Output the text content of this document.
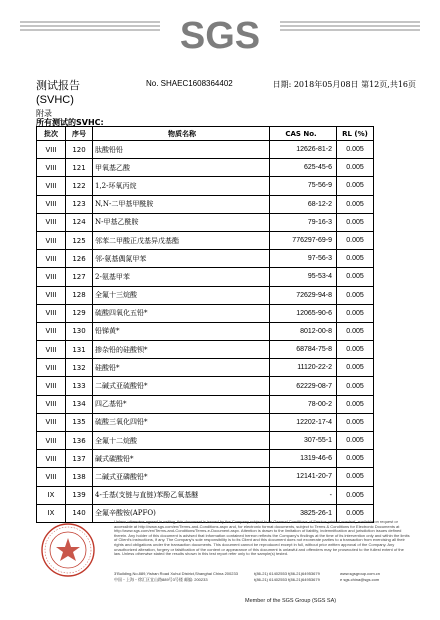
SGS
测试报告	No. SHAEC1608364402	日期: 2018年05月08日 第12页,共16页
(SVHC)
附录
所有测试的SVHC:
批次	序号	物质名称	CAS No.	RL (%)
VIII	120	肽酸铅铅	12626-81-2	0.005
VIII	121	甲氧基乙酸	625-45-6	0.005
VIII	122	1,2-环氧丙烷	75-56-9	0.005
VIII	123	N,N-二甲基甲酰胺	68-12-2	0.005
VIII	124	N-甲基乙酰胺	79-16-3	0.005
VIII	125	邻苯二甲酸正戊基异戊基酯	776297-69-9	0.005
VIII	126	邻-氨基偶氮甲苯	97-56-3	0.005
VIII	127	2-氨基甲苯	95-53-4	0.005
VIII	128	全氟十三烷酸	72629-94-8	0.005
VIII	129	硫酸四氧化五铅*	12065-90-6	0.005
VIII	130	铅锑黄*	8012-00-8	0.005
VIII	131	掺杂铅的硅酸钡*	68784-75-8	0.005
VIII	132	硅酸铅*	11120-22-2	0.005
VIII	133	二碱式亚硫酸铅*	62229-08-7	0.005
VIII	134	四乙基铅*	78-00-2	0.005
VIII	135	硫酸三氧化四铅*	12202-17-4	0.005
VIII	136	全氟十二烷酸	307-55-1	0.005
VIII	137	碱式碳酸铅*	1319-46-6	0.005
VIII	138	二碱式亚磷酸铅*	12141-20-7	0.005
IX	139	4-壬基(支链与直链)苯酚乙氧基醚	-	0.005
IX	140	全氟辛酸铵(APFO)	3825-26-1	0.005
Unless otherwise agreed in writing, this document is issued by the Company subject to its General Conditions of Service printed overleaf, available on request or accessible at http://www.sgs.com/en/Terms-and-Conditions.aspx and, for electronic format documents, subject to Terms & Conditions for Electronic Documents at http://www.sgs.com/en/Terms-and-Conditions/Terms-e-Document.aspx. Attention is drawn to the limitation of liability, indemnification and jurisdiction issues defined therein. Any holder of this document is advised that information contained hereon reflects the Company's findings at the time of its intervention only and within the limits of Client's instructions, if any. The Company's sole responsibility is to its Client and this document does not exonerate parties to a transaction from exercising all their rights and obligations under the transaction documents. This document cannot be reproduced except in full, without prior written approval of the Company. Any unauthorized alteration, forgery or falsification of the content or appearance of this document is unlawful and offenders may be prosecuted to the fullest extent of the law. Unless otherwise stated the results shown in this test report refer only to the sample(s) tested.
3’Building,No.889,Yishan Road Xuhui District,Shanghai China 200233
中国・上海・徐汇区宜山路889号3号楼 邮编: 200233
t(86-21) 61402553 f(86-21)64953679
t(86-21) 61402553 f(86-21)64953679
www.sgsgroup.com.cn
e sgs.china@sgs.com
Member of the SGS Group (SGS SA)
